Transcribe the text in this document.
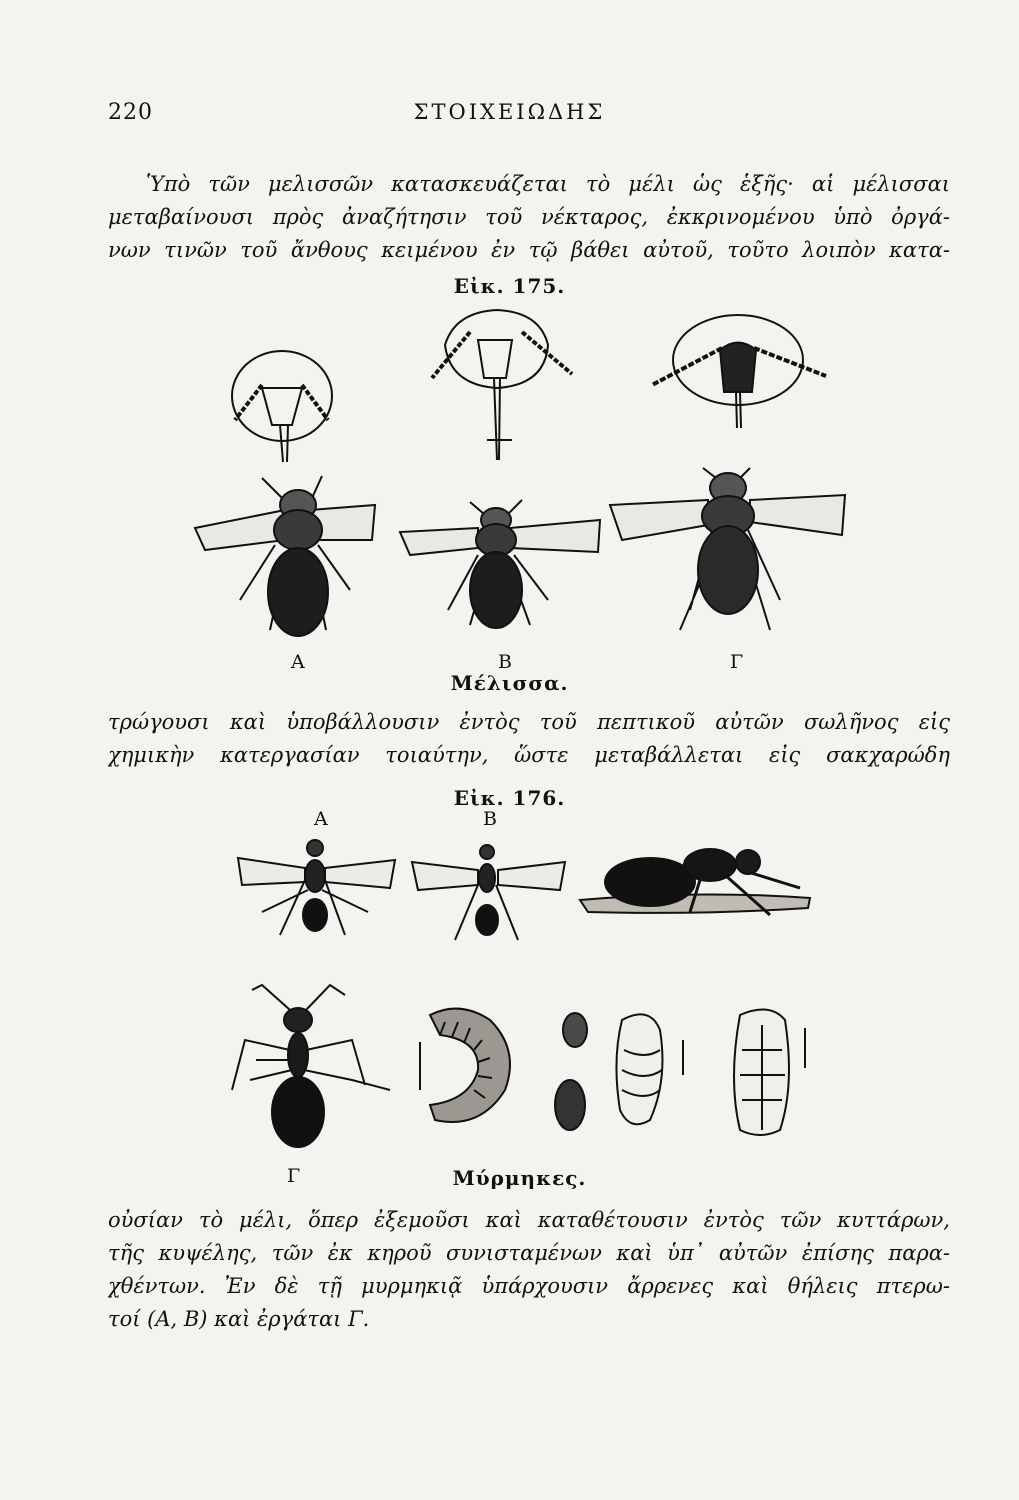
220	ΣΤΟΙΧΕΙΩΔΗΣ
Ὑπὸ τῶν μελισσῶν κατασκευάζεται τὸ μέλι ὡς ἑξῆς· αἱ μέλισσαι
μεταβαίνουσι πρὸς ἀναζήτησιν τοῦ νέκταρος, ἐκκρινομένου ὑπὸ ὀργά-
νων τινῶν τοῦ ἄνθους κειμένου ἐν τῷ βάθει αὐτοῦ, τοῦτο λοιπὸν κατα-
Εἰκ. 175.
Α	Β	Γ
Μέλισσα.
τρώγουσι καὶ ὑποβάλλουσιν ἐντὸς τοῦ πεπτικοῦ αὐτῶν σωλῆνος εἰς
χημικὴν κατεργασίαν τοιαύτην, ὥστε μεταβάλλεται εἰς σακχαρώδη
Εἰκ. 176.
Α	Β
Γ	Μύρμηκες.
οὐσίαν τὸ μέλι, ὅπερ ἐξεμοῦσι καὶ καταθέτουσιν ἐντὸς τῶν κυττάρων,
τῆς κυψέλης, τῶν ἐκ κηροῦ συνισταμένων καὶ ὑπ᾽ αὐτῶν ἐπίσης παρα-
χθέντων. Ἐν δὲ τῇ μυρμηκιᾷ ὑπάρχουσιν ἄρρενες καὶ θήλεις πτερω-
τοί (Α, Β) καὶ ἐργάται Γ.
